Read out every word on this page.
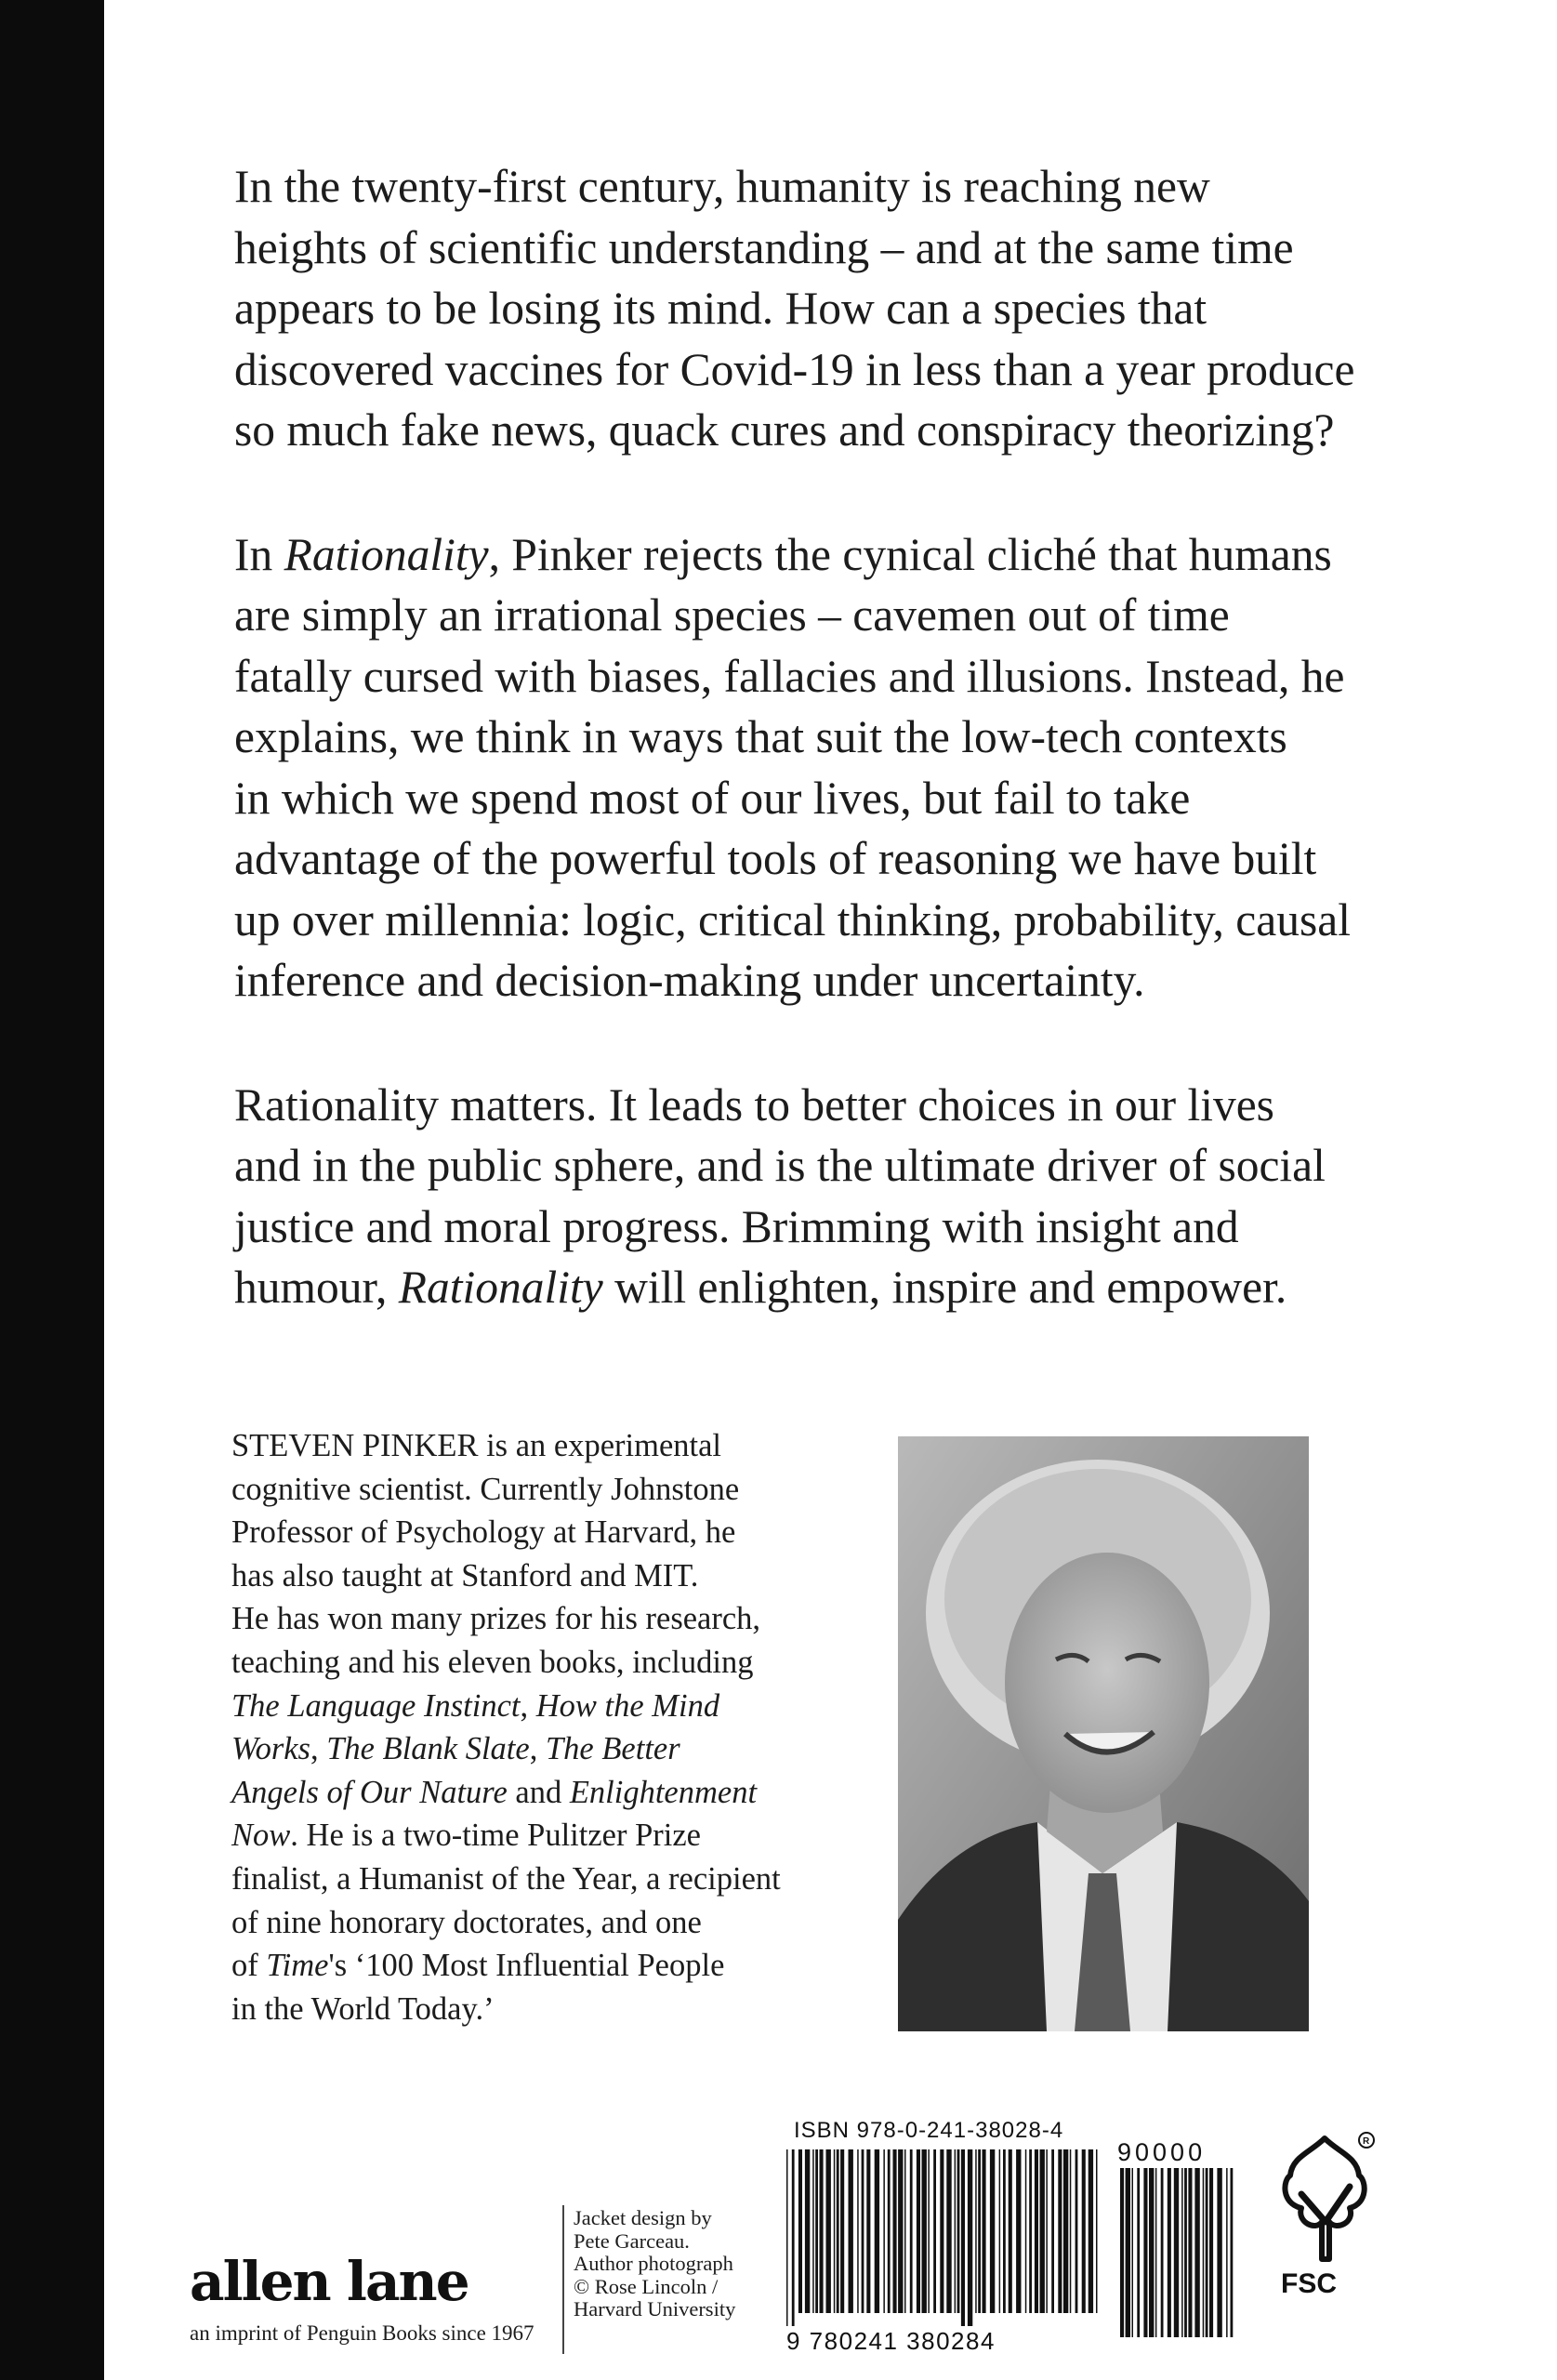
In the twenty-first century, humanity is reaching new
heights of scientific understanding – and at the same time
appears to be losing its mind. How can a species that
discovered vaccines for Covid-19 in less than a year produce
so much fake news, quack cures and conspiracy theorizing?

In Rationality, Pinker rejects the cynical cliché that humans
are simply an irrational species – cavemen out of time
fatally cursed with biases, fallacies and illusions. Instead, he
explains, we think in ways that suit the low-tech contexts
in which we spend most of our lives, but fail to take
advantage of the powerful tools of reasoning we have built
up over millennia: logic, critical thinking, probability, causal
inference and decision-making under uncertainty.

Rationality matters. It leads to better choices in our lives
and in the public sphere, and is the ultimate driver of social
justice and moral progress. Brimming with insight and
humour, Rationality will enlighten, inspire and empower.

STEVEN PINKER is an experimental
cognitive scientist. Currently Johnstone
Professor of Psychology at Harvard, he
has also taught at Stanford and MIT.
He has won many prizes for his research,
teaching and his eleven books, including
The Language Instinct, How the Mind
Works, The Blank Slate, The Better
Angels of Our Nature and Enlightenment
Now. He is a two-time Pulitzer Prize
finalist, a Humanist of the Year, a recipient
of nine honorary doctorates, and one
of Time's ‘100 Most Influential People
in the World Today.’
ISBN 978-0-241-38028-4
9 780241 380284
90000	R
FSC
allen lane
an imprint of Penguin Books since 1967
Jacket design by
Pete Garceau.
Author photograph
© Rose Lincoln /
Harvard University
